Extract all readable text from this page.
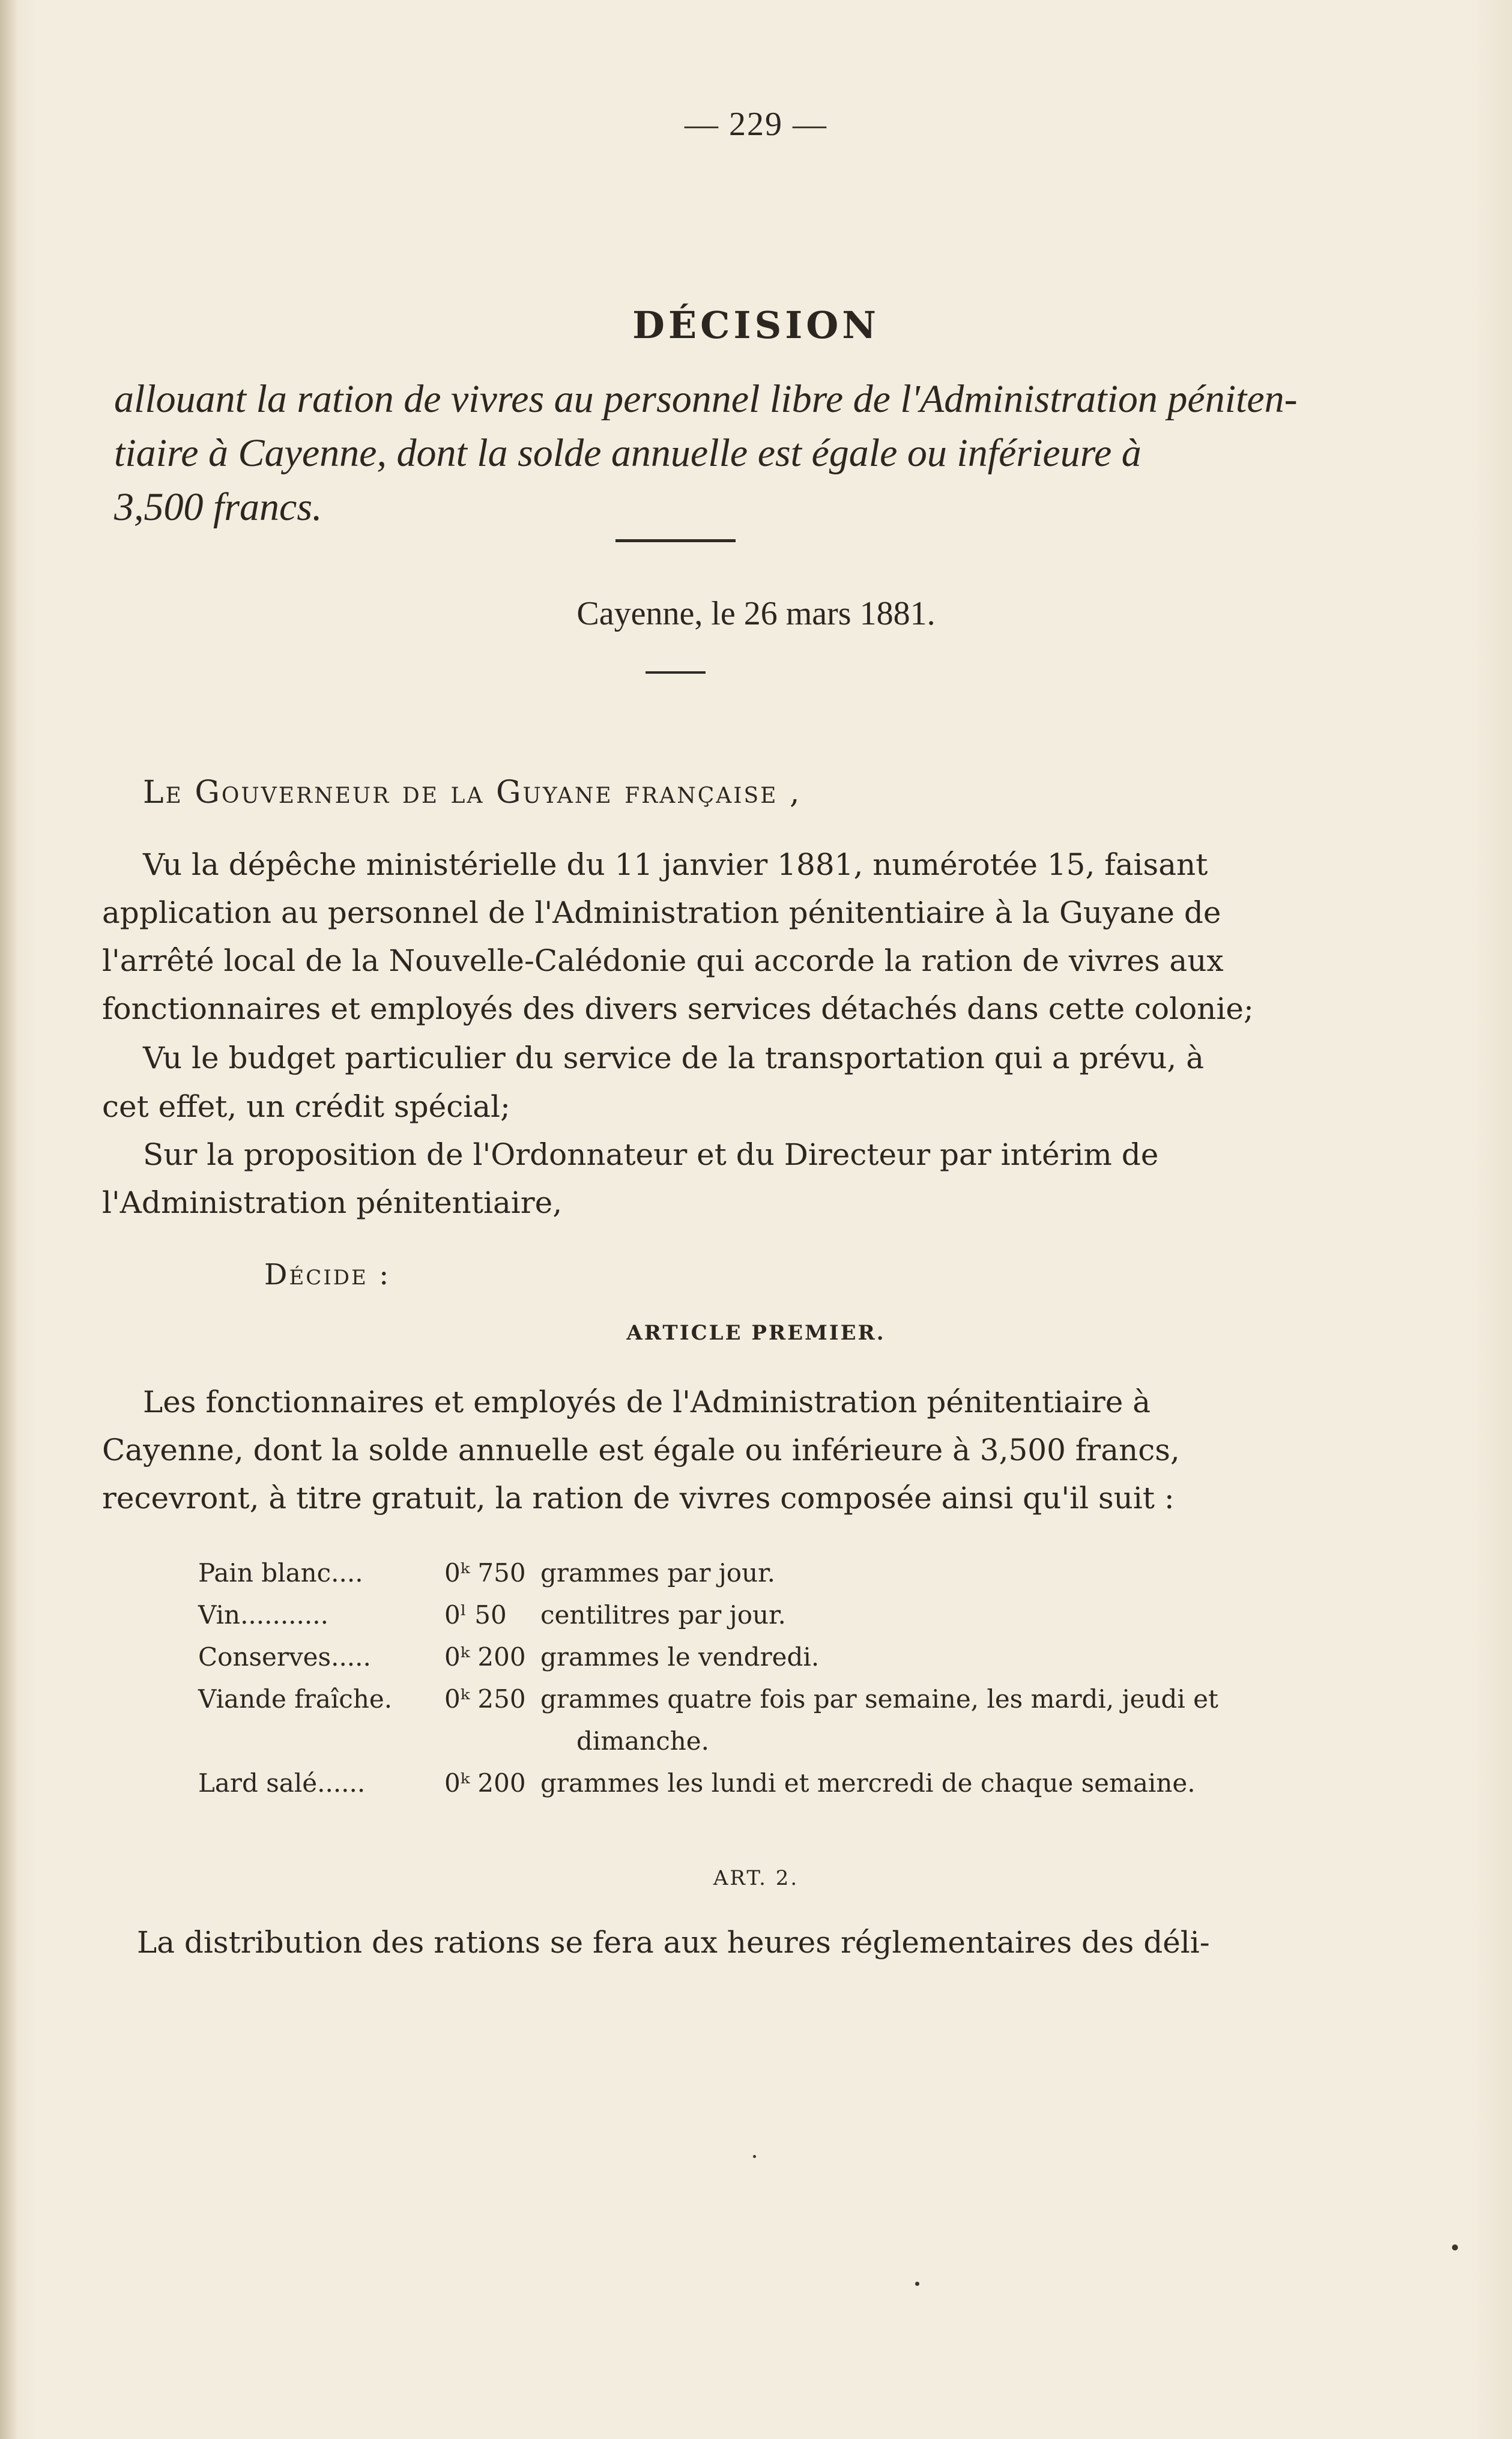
— 229 —
DÉCISION
allouant la ration de vivres au personnel libre de l'Administration péniten-
tiaire à Cayenne, dont la solde annuelle est égale ou inférieure à
3,500 francs.
Cayenne, le 26 mars 1881.
Le Gouverneur de la Guyane française ,
Vu la dépêche ministérielle du 11 janvier 1881, numérotée 15, faisant
application au personnel de l'Administration pénitentiaire à la Guyane de
l'arrêté local de la Nouvelle-Calédonie qui accorde la ration de vivres aux
fonctionnaires et employés des divers services détachés dans cette colonie;
Vu le budget particulier du service de la transportation qui a prévu, à
cet effet, un crédit spécial;
Sur la proposition de l'Ordonnateur et du Directeur par intérim de
l'Administration pénitentiaire,
Décide :
ARTICLE PREMIER.
Les fonctionnaires et employés de l'Administration pénitentiaire à
Cayenne, dont la solde annuelle est égale ou inférieure à 3,500 francs,
recevront, à titre gratuit, la ration de vivres composée ainsi qu'il suit :
Pain blanc....	0ᵏ 750 grammes par jour.
Vin...........	0ˡ 50 centilitres par jour.
Conserves.....	0ᵏ 200 grammes le vendredi.
Viande fraîche. 0ᵏ 250 grammes quatre fois par semaine, les mardi, jeudi et
dimanche.
Lard salé......	0ᵏ 200 grammes les lundi et mercredi de chaque semaine.
ART. 2.
La distribution des rations se fera aux heures réglementaires des déli-
